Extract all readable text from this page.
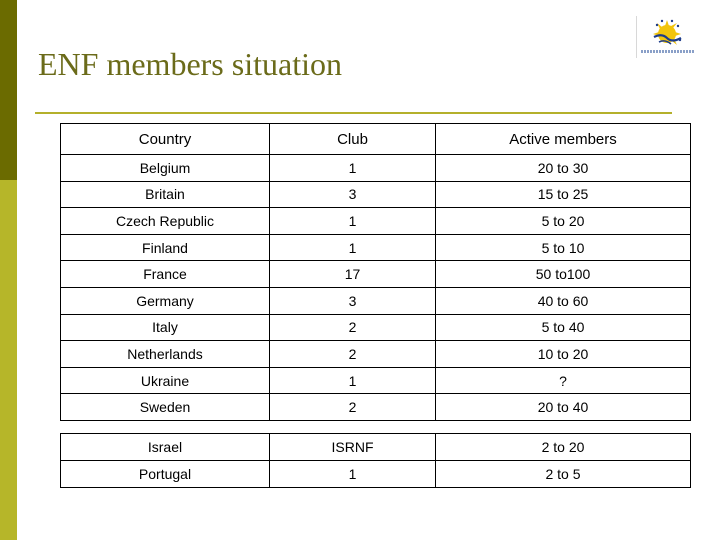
ENF members situation
Country	Club	Active members
Belgium	1	20 to 30
Britain	3	15 to 25
Czech Republic	1	5 to 20
Finland	1	5 to 10
France	17	50 to100
Germany	3	40 to 60
Italy	2	5 to 40
Netherlands	2	10 to 20
Ukraine	1	?
Sweden	2	20 to 40
Israel	ISRNF	2 to 20
Portugal	1	2 to 5
